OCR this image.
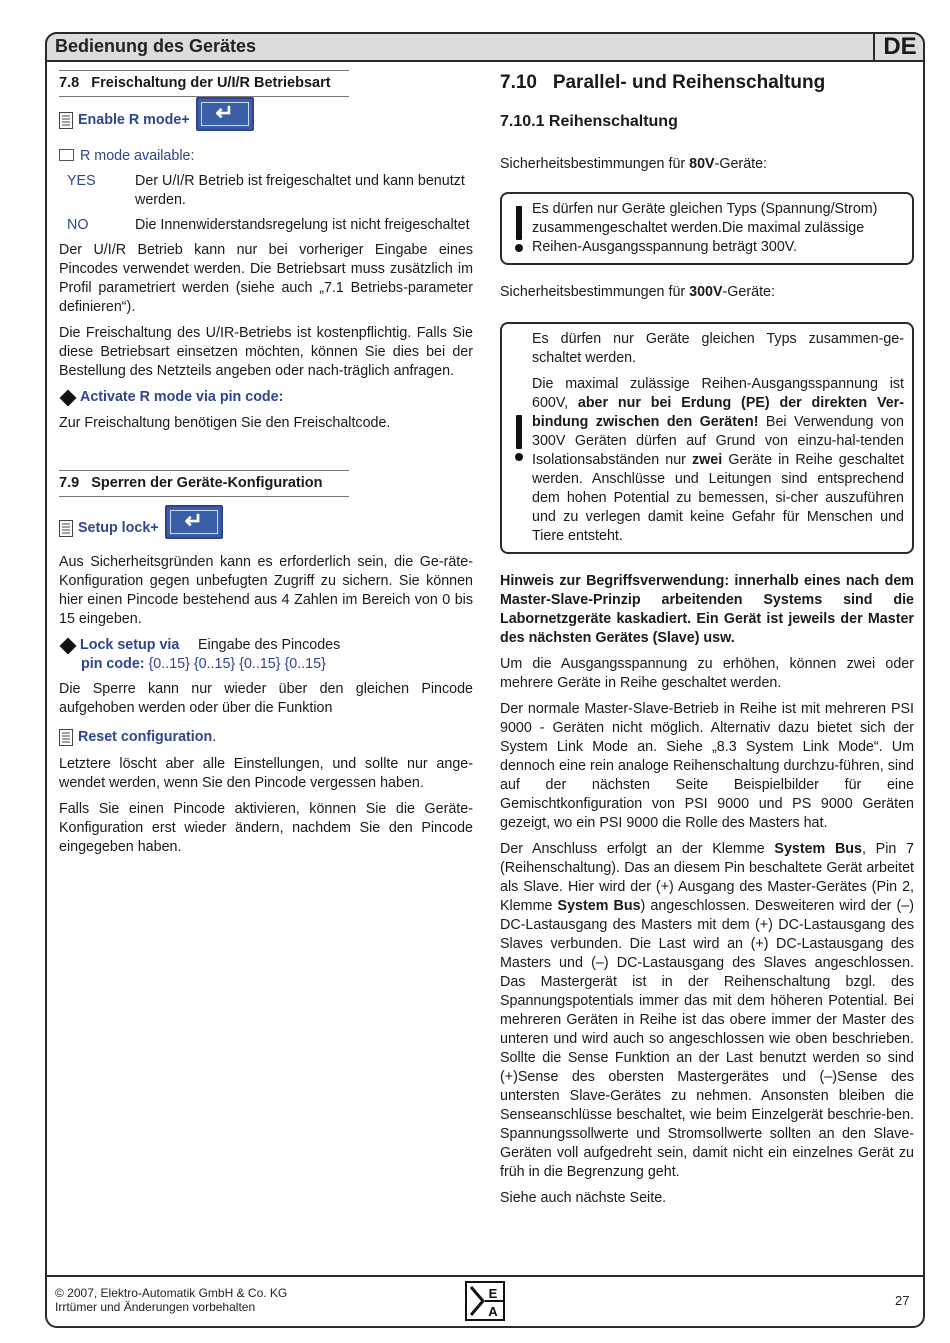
Bedienung des Gerätes	DE
7.8 Freischaltung der U/I/R Betriebsart
Enable R mode+	↵
R mode available:
YES	Der U/I/R Betrieb ist freigeschaltet und kann benutzt werden.
NO	Die Innenwiderstandsregelung ist nicht freigeschaltet

Der U/I/R Betrieb kann nur bei vorheriger Eingabe eines Pincodes verwendet werden. Die Betriebsart muss zusätzlich im Profil parametriert werden (siehe auch „7.1 Betriebs-parameter definieren“).

Die Freischaltung des U/IR-Betriebs ist kostenpflichtig. Falls Sie diese Betriebsart einsetzen möchten, können Sie dies bei der Bestellung des Netzteils angeben oder nach-träglich anfragen.

Activate R mode via pin code:

Zur Freischaltung benötigen Sie den Freischaltcode.

7.9 Sperren der Geräte-Konfiguration
Setup lock+	↵

Aus Sicherheitsgründen kann es erforderlich sein, die Ge-räte-Konfiguration gegen unbefugten Zugriff zu sichern. Sie können hier einen Pincode bestehend aus 4 Zahlen im Bereich von 0 bis 15 eingeben.

Lock setup via	Eingabe des Pincodes
pin code: {0..15} {0..15} {0..15} {0..15}

Die Sperre kann nur wieder über den gleichen Pincode aufgehoben werden oder über die Funktion

Reset configuration .

Letztere löscht aber alle Einstellungen, und sollte nur ange-wendet werden, wenn Sie den Pincode vergessen haben.

Falls Sie einen Pincode aktivieren, können Sie die Geräte-Konfiguration erst wieder ändern, nachdem Sie den Pincode eingegeben haben.

7.10   Parallel- und Reihenschaltung
7.10.1 Reihenschaltung

Sicherheitsbestimmungen für 80V-Geräte:

Es dürfen nur Geräte gleichen Typs (Spannung/Strom) zusammengeschaltet werden.Die maximal zulässige Reihen-Ausgangsspannung beträgt 300V.

Sicherheitsbestimmungen für 300V-Geräte:

Es dürfen nur Geräte gleichen Typs zusammen-ge-schaltet werden.

Die maximal zulässige Reihen-Ausgangsspannung ist 600V, aber nur bei Erdung (PE) der direkten Ver-bindung zwischen den Geräten! Bei Verwendung von 300V Geräten dürfen auf Grund von einzu-hal-tenden Isolationsabständen nur zwei Geräte in Reihe geschaltet werden. Anschlüsse und Leitungen sind entsprechend dem hohen Potential zu bemessen, si-cher auszuführen und zu verlegen damit keine Gefahr für Menschen und Tiere entsteht.

Hinweis zur Begriffsverwendung: innerhalb eines nach dem Master-Slave-Prinzip arbeitenden Systems sind die Labornetzgeräte kaskadiert. Ein Gerät ist jeweils der Master des nächsten Gerätes (Slave) usw.

Um die Ausgangsspannung zu erhöhen, können zwei oder mehrere Geräte in Reihe geschaltet werden.

Der normale Master-Slave-Betrieb in Reihe ist mit mehreren PSI 9000 - Geräten nicht möglich. Alternativ dazu bietet sich der System Link Mode an. Siehe „8.3 System Link Mode“. Um dennoch eine rein analoge Reihenschaltung durchzu-führen, sind auf der nächsten Seite Beispielbilder für eine Gemischtkonfiguration von PSI 9000 und PS 9000 Geräten gezeigt, wo ein PSI 9000 die Rolle des Masters hat.

Der Anschluss erfolgt an der Klemme System Bus, Pin 7 (Reihenschaltung). Das an diesem Pin beschaltete Gerät arbeitet als Slave. Hier wird der (+) Ausgang des Master-Gerätes (Pin 2, Klemme System Bus) angeschlossen. Desweiteren wird der (–) DC-Lastausgang des Masters mit dem (+) DC-Lastausgang des Slaves verbunden. Die Last wird an (+) DC-Lastausgang des Masters und (–) DC-Lastausgang des Slaves angeschlossen. Das Mastergerät ist in der Reihenschaltung bzgl. des Spannungspotentials immer das mit dem höheren Potential. Bei mehreren Geräten in Reihe ist das obere immer der Master des unteren und wird auch so angeschlossen wie oben beschrieben. Sollte die Sense Funktion an der Last benutzt werden so sind (+)Sense des obersten Mastergerätes und (–)Sense des untersten Slave-Gerätes zu nehmen. Ansonsten bleiben die Senseanschlüsse beschaltet, wie beim Einzelgerät beschrie-ben. Spannungssollwerte und Stromsollwerte sollten an den Slave-Geräten voll aufgedreht sein, damit nicht ein einzelnes Gerät zu früh in die Begrenzung geht.

Siehe auch nächste Seite.

© 2007, Elektro-Automatik GmbH & Co. KG
Irrtümer und Änderungen vorbehalten
E
A
27
